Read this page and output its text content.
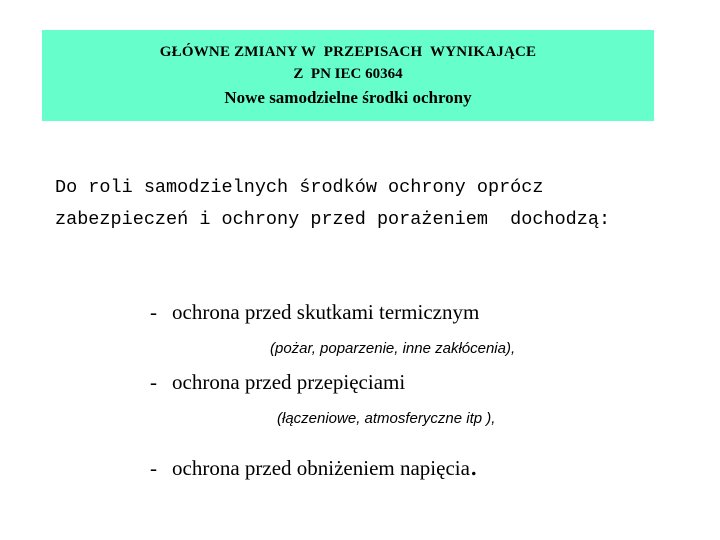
GŁÓWNE ZMIANY W  PRZEPISACH  WYNIKAJĄCE
Z  PN IEC 60364
Nowe samodzielne środki ochrony
Do roli samodzielnych środków ochrony oprócz
zabezpieczeń i ochrony przed porażeniem  dochodzą:
- ochrona przed skutkami termicznym
(pożar, poparzenie, inne zakłócenia),
- ochrona przed przepięciami
(łączeniowe, atmosferyczne itp ),
- ochrona przed obniżeniem napięcia.
